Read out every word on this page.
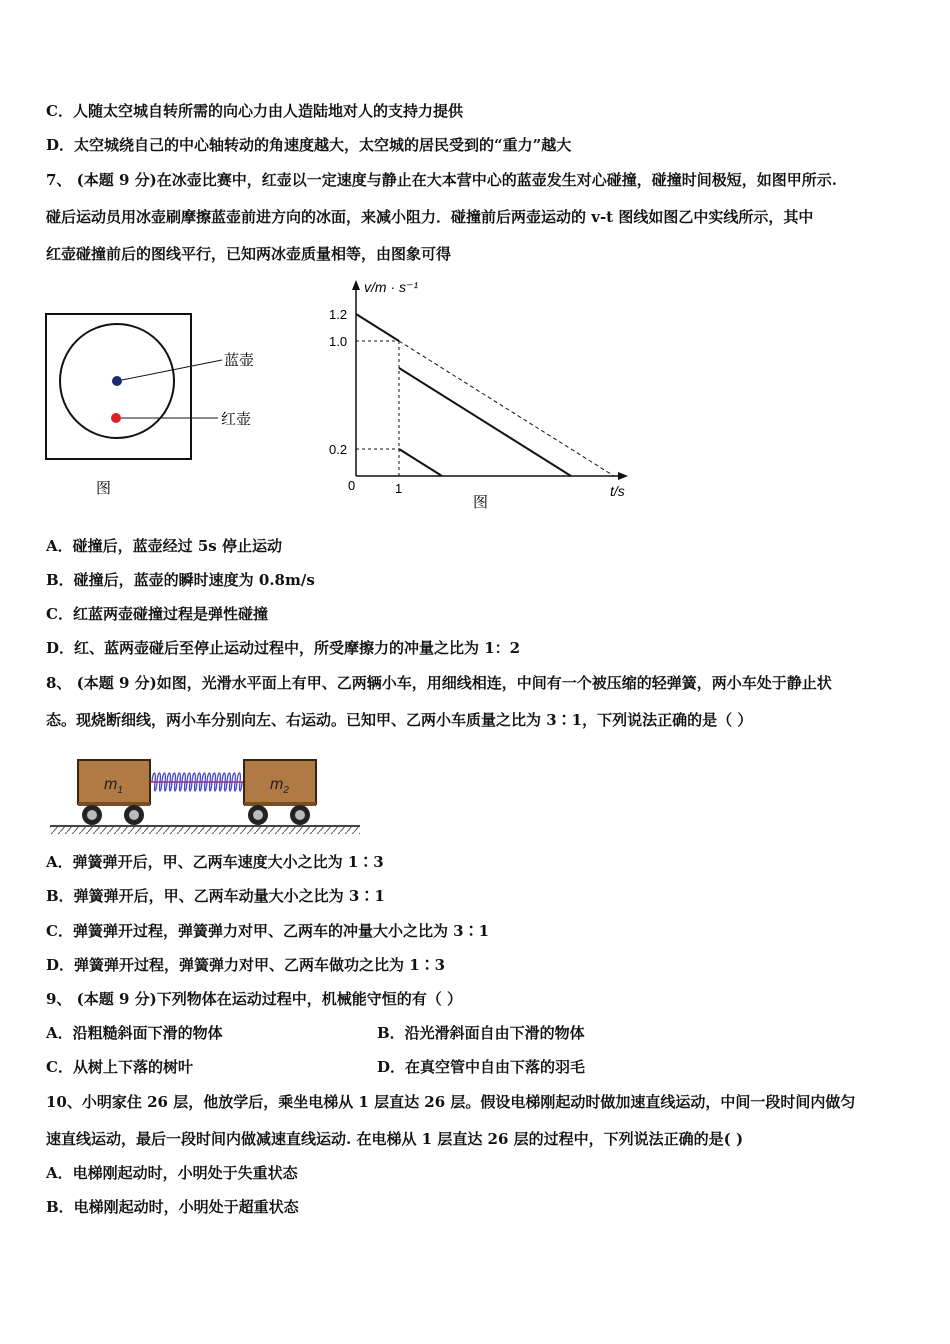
C．人随太空城自转所需的向心力由人造陆地对人的支持力提供
D．太空城绕自己的中心轴转动的角速度越大，太空城的居民受到的“重力”越大
7、 (本题 9 分)在冰壶比赛中，红壶以一定速度与静止在大本营中心的蓝壶发生对心碰撞，碰撞时间极短，如图甲所示.
碰后运动员用冰壶刷摩擦蓝壶前进方向的冰面，来减小阻力．碰撞前后两壶运动的 v-t 图线如图乙中实线所示，其中
红壶碰撞前后的图线平行，已知两冰壶质量相等，由图象可得
蓝壶
红壶
图
v/m · s⁻¹
t/s
1.2
1.0
0.2
0	1
图
A．碰撞后，蓝壶经过 5s 停止运动
B．碰撞后，蓝壶的瞬时速度为 0.8m/s
C．红蓝两壶碰撞过程是弹性碰撞
D．红、蓝两壶碰后至停止运动过程中，所受摩擦力的冲量之比为 1：2
8、 (本题 9 分)如图，光滑水平面上有甲、乙两辆小车，用细线相连，中间有一个被压缩的轻弹簧，两小车处于静止状
态。现烧断细线，两小车分别向左、右运动。已知甲、乙两小车质量之比为 3∶1，下列说法正确的是（ ）
$m_1$	$m_2$
A．弹簧弹开后，甲、乙两车速度大小之比为 1∶3
B．弹簧弹开后，甲、乙两车动量大小之比为 3∶1
C．弹簧弹开过程，弹簧弹力对甲、乙两车的冲量大小之比为 3∶1
D．弹簧弹开过程，弹簧弹力对甲、乙两车做功之比为 1∶3
9、 (本题 9 分)下列物体在运动过程中，机械能守恒的有（ ）
A．沿粗糙斜面下滑的物体	B．沿光滑斜面自由下滑的物体
C．从树上下落的树叶	D．在真空管中自由下落的羽毛
10、小明家住 26 层，他放学后，乘坐电梯从 1 层直达 26 层。假设电梯刚起动时做加速直线运动，中间一段时间内做匀
速直线运动，最后一段时间内做减速直线运动. 在电梯从 1 层直达 26 层的过程中，下列说法正确的是( )
A．电梯刚起动时，小明处于失重状态
B．电梯刚起动时，小明处于超重状态
